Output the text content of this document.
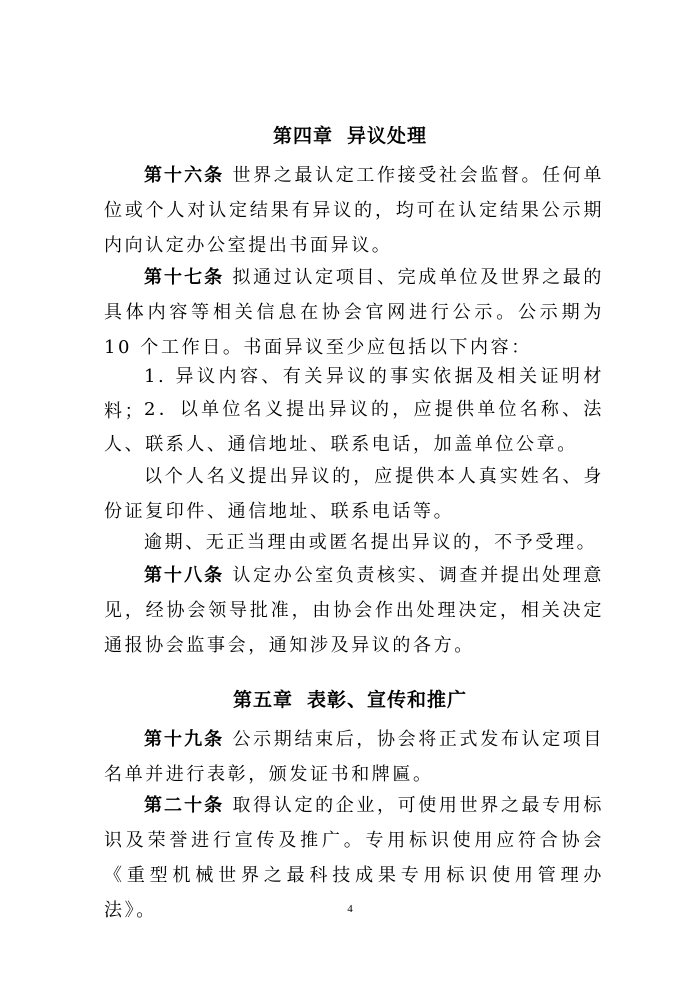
第四章 异议处理
第十六条 世界之最认定工作接受社会监督。任何单位或个人对认定结果有异议的，均可在认定结果公示期内向认定办公室提出书面异议。
第十七条 拟通过认定项目、完成单位及世界之最的具体内容等相关信息在协会官网进行公示。公示期为 10 个工作日。书面异议至少应包括以下内容：
1. 异议内容、有关异议的事实依据及相关证明材料；
2．以单位名义提出异议的，应提供单位名称、法人、联系人、通信地址、联系电话，加盖单位公章。
以个人名义提出异议的，应提供本人真实姓名、身份证复印件、通信地址、联系电话等。
逾期、无正当理由或匿名提出异议的，不予受理。
第十八条 认定办公室负责核实、调查并提出处理意见，经协会领导批准，由协会作出处理决定，相关决定通报协会监事会，通知涉及异议的各方。
第五章 表彰、宣传和推广
第十九条 公示期结束后，协会将正式发布认定项目名单并进行表彰，颁发证书和牌匾。
第二十条 取得认定的企业，可使用世界之最专用标识及荣誉进行宣传及推广。专用标识使用应符合协会《重型机械世界之最科技成果专用标识使用管理办法》。	4
